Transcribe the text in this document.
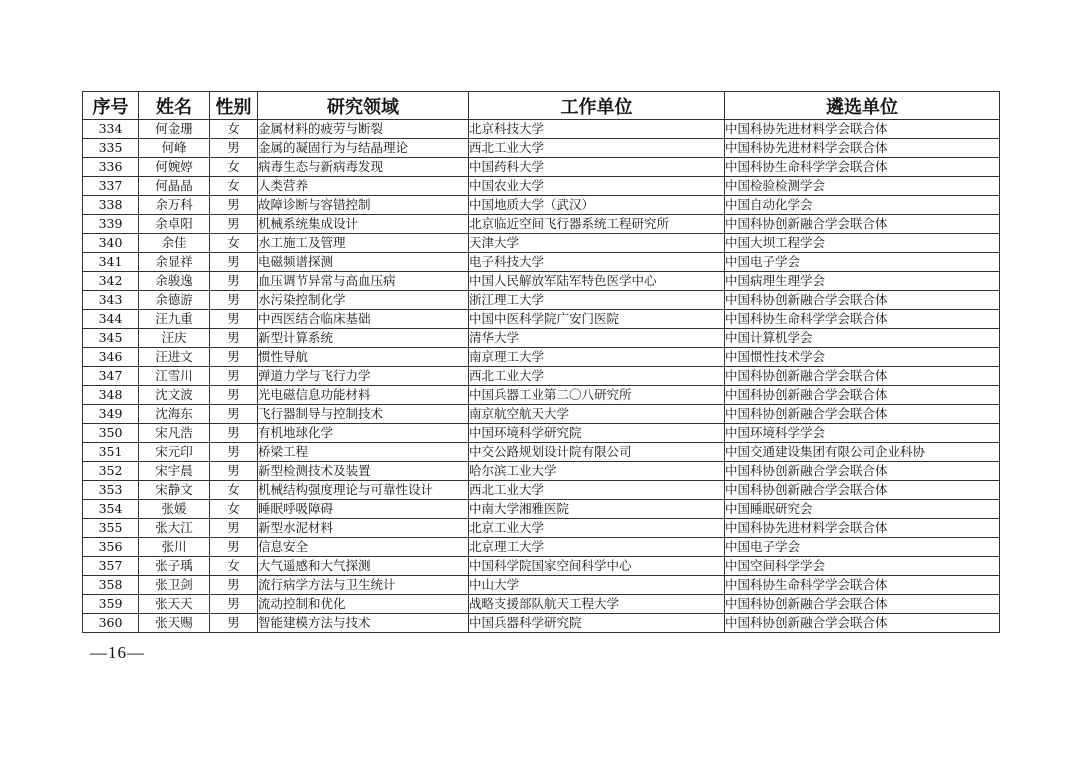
序号	姓名	性别	研究领域	工作单位	遴选单位
334	何金珊	女	金属材料的疲劳与断裂	北京科技大学	中国科协先进材料学会联合体
335	何峰	男	金属的凝固行为与结晶理论	西北工业大学	中国科协先进材料学会联合体
336	何婉婷	女	病毒生态与新病毒发现	中国药科大学	中国科协生命科学学会联合体
337	何晶晶	女	人类营养	中国农业大学	中国检验检测学会
338	余万科	男	故障诊断与容错控制	中国地质大学（武汉）	中国自动化学会
339	余卓阳	男	机械系统集成设计	北京临近空间飞行器系统工程研究所	中国科协创新融合学会联合体
340	余佳	女	水工施工及管理	天津大学	中国大坝工程学会
341	余显祥	男	电磁频谱探测	电子科技大学	中国电子学会
342	余骏逸	男	血压调节异常与高血压病	中国人民解放军陆军特色医学中心	中国病理生理学会
343	余德游	男	水污染控制化学	浙江理工大学	中国科协创新融合学会联合体
344	汪九重	男	中西医结合临床基础	中国中医科学院广安门医院	中国科协生命科学学会联合体
345	汪庆	男	新型计算系统	清华大学	中国计算机学会
346	汪进文	男	惯性导航	南京理工大学	中国惯性技术学会
347	江雪川	男	弹道力学与飞行力学	西北工业大学	中国科协创新融合学会联合体
348	沈文波	男	光电磁信息功能材料	中国兵器工业第二〇八研究所	中国科协创新融合学会联合体
349	沈海东	男	飞行器制导与控制技术	南京航空航天大学	中国科协创新融合学会联合体
350	宋凡浩	男	有机地球化学	中国环境科学研究院	中国环境科学学会
351	宋元印	男	桥梁工程	中交公路规划设计院有限公司	中国交通建设集团有限公司企业科协
352	宋宇晨	男	新型检测技术及装置	哈尔滨工业大学	中国科协创新融合学会联合体
353	宋静文	女	机械结构强度理论与可靠性设计	西北工业大学	中国科协创新融合学会联合体
354	张媛	女	睡眠呼吸障碍	中南大学湘雅医院	中国睡眠研究会
355	张大江	男	新型水泥材料	北京工业大学	中国科协先进材料学会联合体
356	张川	男	信息安全	北京理工大学	中国电子学会
357	张子瑀	女	大气遥感和大气探测	中国科学院国家空间科学中心	中国空间科学学会
358	张卫剑	男	流行病学方法与卫生统计	中山大学	中国科协生命科学学会联合体
359	张天天	男	流动控制和优化	战略支援部队航天工程大学	中国科协创新融合学会联合体
360	张天赐	男	智能建模方法与技术	中国兵器科学研究院	中国科协创新融合学会联合体
—16—
